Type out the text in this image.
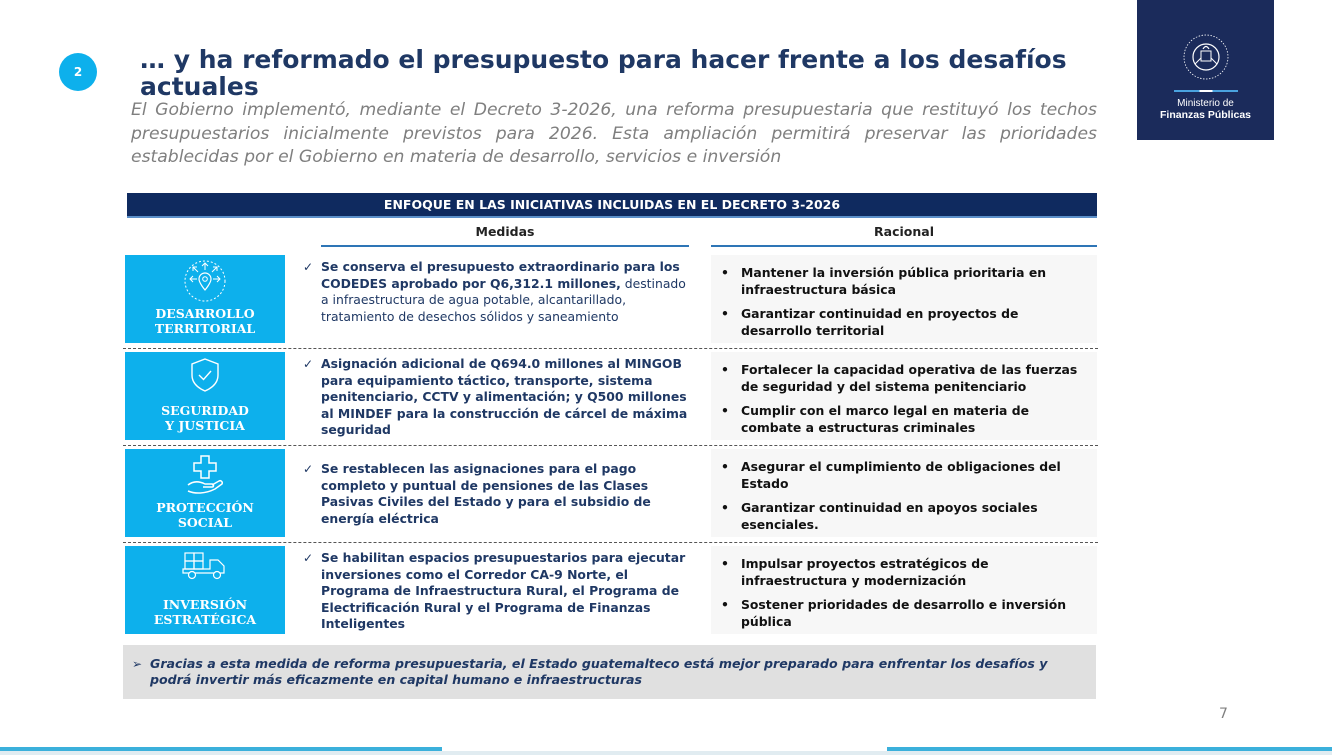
2	… y ha reformado el presupuesto para hacer frente a los desafíos actuales
El Gobierno implementó, mediante el Decreto 3-2026, una reforma presupuestaria que restituyó los techos presupuestarios inicialmente previstos para 2026. Esta ampliación permitirá preservar las prioridades establecidas por el Gobierno en materia de desarrollo, servicios e inversión
Ministerio de
Finanzas Públicas
ENFOQUE EN LAS INICIATIVAS INCLUIDAS EN EL DECRETO 3-2026
Medidas	Racional
DESARROLLO
TERRITORIAL
✓ Se conserva el presupuesto extraordinario para los CODEDES aprobado por Q6,312.1 millones, destinado a infraestructura de agua potable, alcantarillado, tratamiento de desechos sólidos y saneamiento
• Mantener la inversión pública prioritaria en infraestructura básica
• Garantizar continuidad en proyectos de desarrollo territorial
SEGURIDAD
Y JUSTICIA
✓ Asignación adicional de Q694.0 millones al MINGOB para equipamiento táctico, transporte, sistema penitenciario, CCTV y alimentación; y Q500 millones al MINDEF para la construcción de cárcel de máxima seguridad
• Fortalecer la capacidad operativa de las fuerzas de seguridad y del sistema penitenciario
• Cumplir con el marco legal en materia de combate a estructuras criminales
PROTECCIÓN
SOCIAL
✓ Se restablecen las asignaciones para el pago completo y puntual de pensiones de las Clases Pasivas Civiles del Estado y para el subsidio de energía eléctrica
• Asegurar el cumplimiento de obligaciones del Estado
• Garantizar continuidad en apoyos sociales esenciales.
INVERSIÓN
ESTRATÉGICA
✓ Se habilitan espacios presupuestarios para ejecutar inversiones como el Corredor CA-9 Norte, el Programa de Infraestructura Rural, el Programa de Electrificación Rural y el Programa de Finanzas Inteligentes
• Impulsar proyectos estratégicos de infraestructura y modernización
• Sostener prioridades de desarrollo e inversión pública
➢ Gracias a esta medida de reforma presupuestaria, el Estado guatemalteco está mejor preparado para enfrentar los desafíos y podrá invertir más eficazmente en capital humano e infraestructuras
7
